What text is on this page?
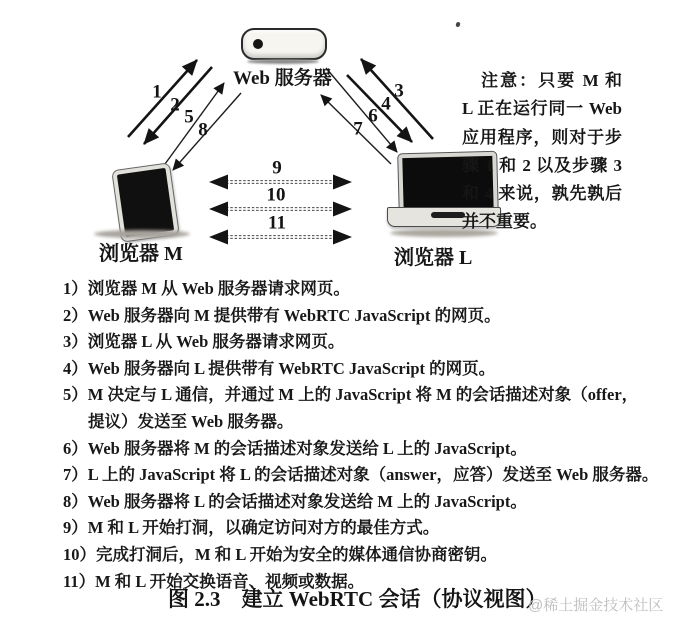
Web 服务器
浏览器 M	浏览器 L
1
2
5
8
3
4
6
7
9
10
11
注意：只要 M 和
L 正在运行同一 Web
应用程序，则对于步
骤 1 和 2 以及步骤 3
和 4 来说，孰先孰后
并不重要。
1）浏览器 M 从 Web 服务器请求网页。
2）Web 服务器向 M 提供带有 WebRTC JavaScript 的网页。
3）浏览器 L 从 Web 服务器请求网页。
4）Web 服务器向 L 提供带有 WebRTC JavaScript 的网页。
5）M 决定与 L 通信，并通过 M 上的 JavaScript 将 M 的会话描述对象（offer，
提议）发送至 Web 服务器。
6）Web 服务器将 M 的会话描述对象发送给 L 上的 JavaScript。
7）L 上的 JavaScript 将 L 的会话描述对象（answer，应答）发送至 Web 服务器。
8）Web 服务器将 L 的会话描述对象发送给 M 上的 JavaScript。
9）M 和 L 开始打洞，以确定访问对方的最佳方式。
10）完成打洞后，M 和 L 开始为安全的媒体通信协商密钥。
11）M 和 L 开始交换语音、视频或数据。
图 2.3　建立 WebRTC 会话（协议视图）
@稀土掘金技术社区
